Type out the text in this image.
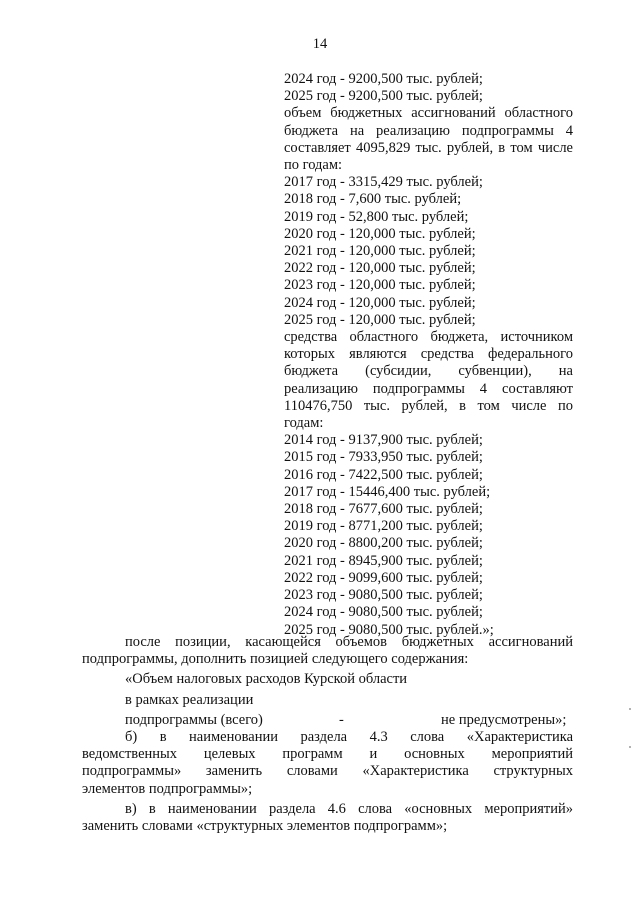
14
2024 год - 9200,500 тыс. рублей;
2025 год - 9200,500 тыс. рублей;
объем бюджетных ассигнований областного
бюджета на реализацию подпрограммы 4
составляет 4095,829 тыс. рублей, в том числе
по годам:
2017 год - 3315,429 тыс. рублей;
2018 год - 7,600 тыс. рублей;
2019 год - 52,800 тыс. рублей;
2020 год - 120,000 тыс. рублей;
2021 год - 120,000 тыс. рублей;
2022 год - 120,000 тыс. рублей;
2023 год - 120,000 тыс. рублей;
2024 год - 120,000 тыс. рублей;
2025 год - 120,000 тыс. рублей;
средства областного бюджета, источником
которых являются средства федерального
бюджета (субсидии, субвенции), на
реализацию подпрограммы 4 составляют
110476,750 тыс. рублей, в том числе по
годам:
2014 год - 9137,900 тыс. рублей;
2015 год - 7933,950 тыс. рублей;
2016 год - 7422,500 тыс. рублей;
2017 год - 15446,400 тыс. рублей;
2018 год - 7677,600 тыс. рублей;
2019 год - 8771,200 тыс. рублей;
2020 год - 8800,200 тыс. рублей;
2021 год - 8945,900 тыс. рублей;
2022 год - 9099,600 тыс. рублей;
2023 год - 9080,500 тыс. рублей;
2024 год - 9080,500 тыс. рублей;
2025 год - 9080,500 тыс. рублей.»;
после позиции, касающейся объемов бюджетных ассигнований
подпрограммы, дополнить позицией следующего содержания:
«Объем налоговых расходов Курской области
в рамках реализации
подпрограммы (всего)	-	не предусмотрены»;
б) в наименовании раздела 4.3 слова «Характеристика
ведомственных целевых программ и основных мероприятий
подпрограммы» заменить словами «Характеристика структурных
элементов подпрограммы»;
в) в наименовании раздела 4.6 слова «основных мероприятий»
заменить словами «структурных элементов подпрограмм»;
